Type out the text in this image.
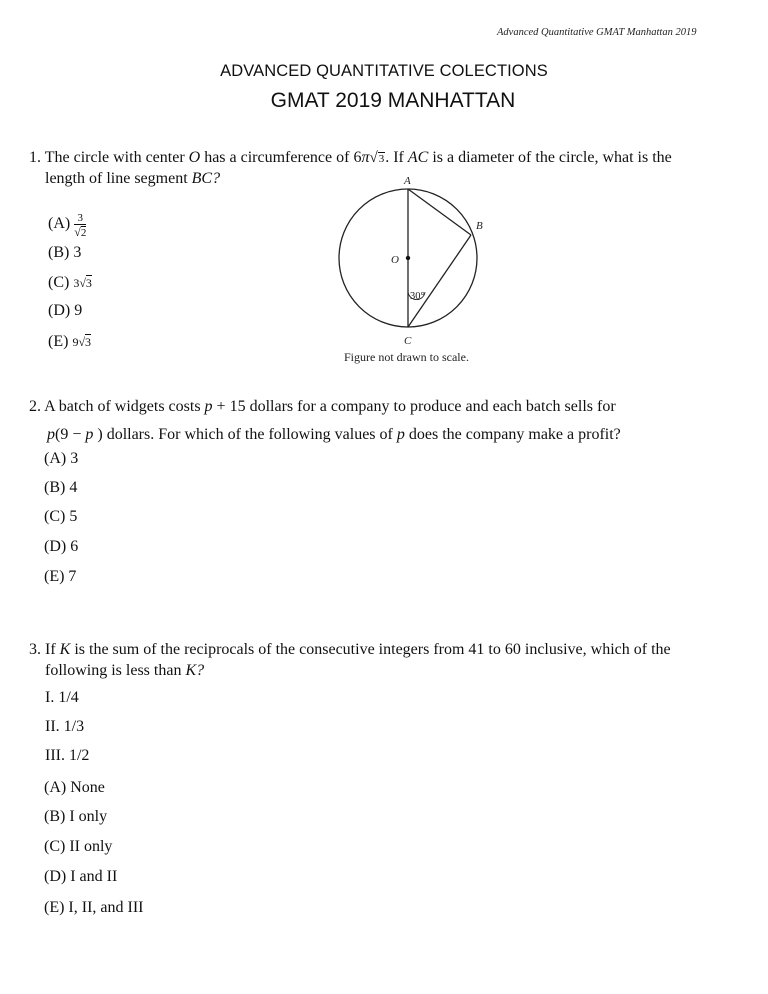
Advanced Quantitative GMAT Manhattan 2019
ADVANCED QUANTITATIVE COLECTIONS
GMAT 2019 MANHATTAN
1. The circle with center O has a circumference of 6π√3. If AC is a diameter of the circle, what is the
length of line segment BC?
$(A) \frac{3}{√2}$
(B) 3
(C) 3√3
(D) 9
(E) 9√3
A
B
C
O
30°
Figure not drawn to scale.
2. A batch of widgets costs p + 15 dollars for a company to produce and each batch sells for
p(9 − p ) dollars. For which of the following values of p does the company make a profit?
(A) 3
(B) 4
(C) 5
(D) 6
(E) 7
3. If K is the sum of the reciprocals of the consecutive integers from 41 to 60 inclusive, which of the
following is less than K?
I. 1/4
II. 1/3
III. 1/2
(A) None
(B) I only
(C) II only
(D) I and II
(E) I, II, and III
